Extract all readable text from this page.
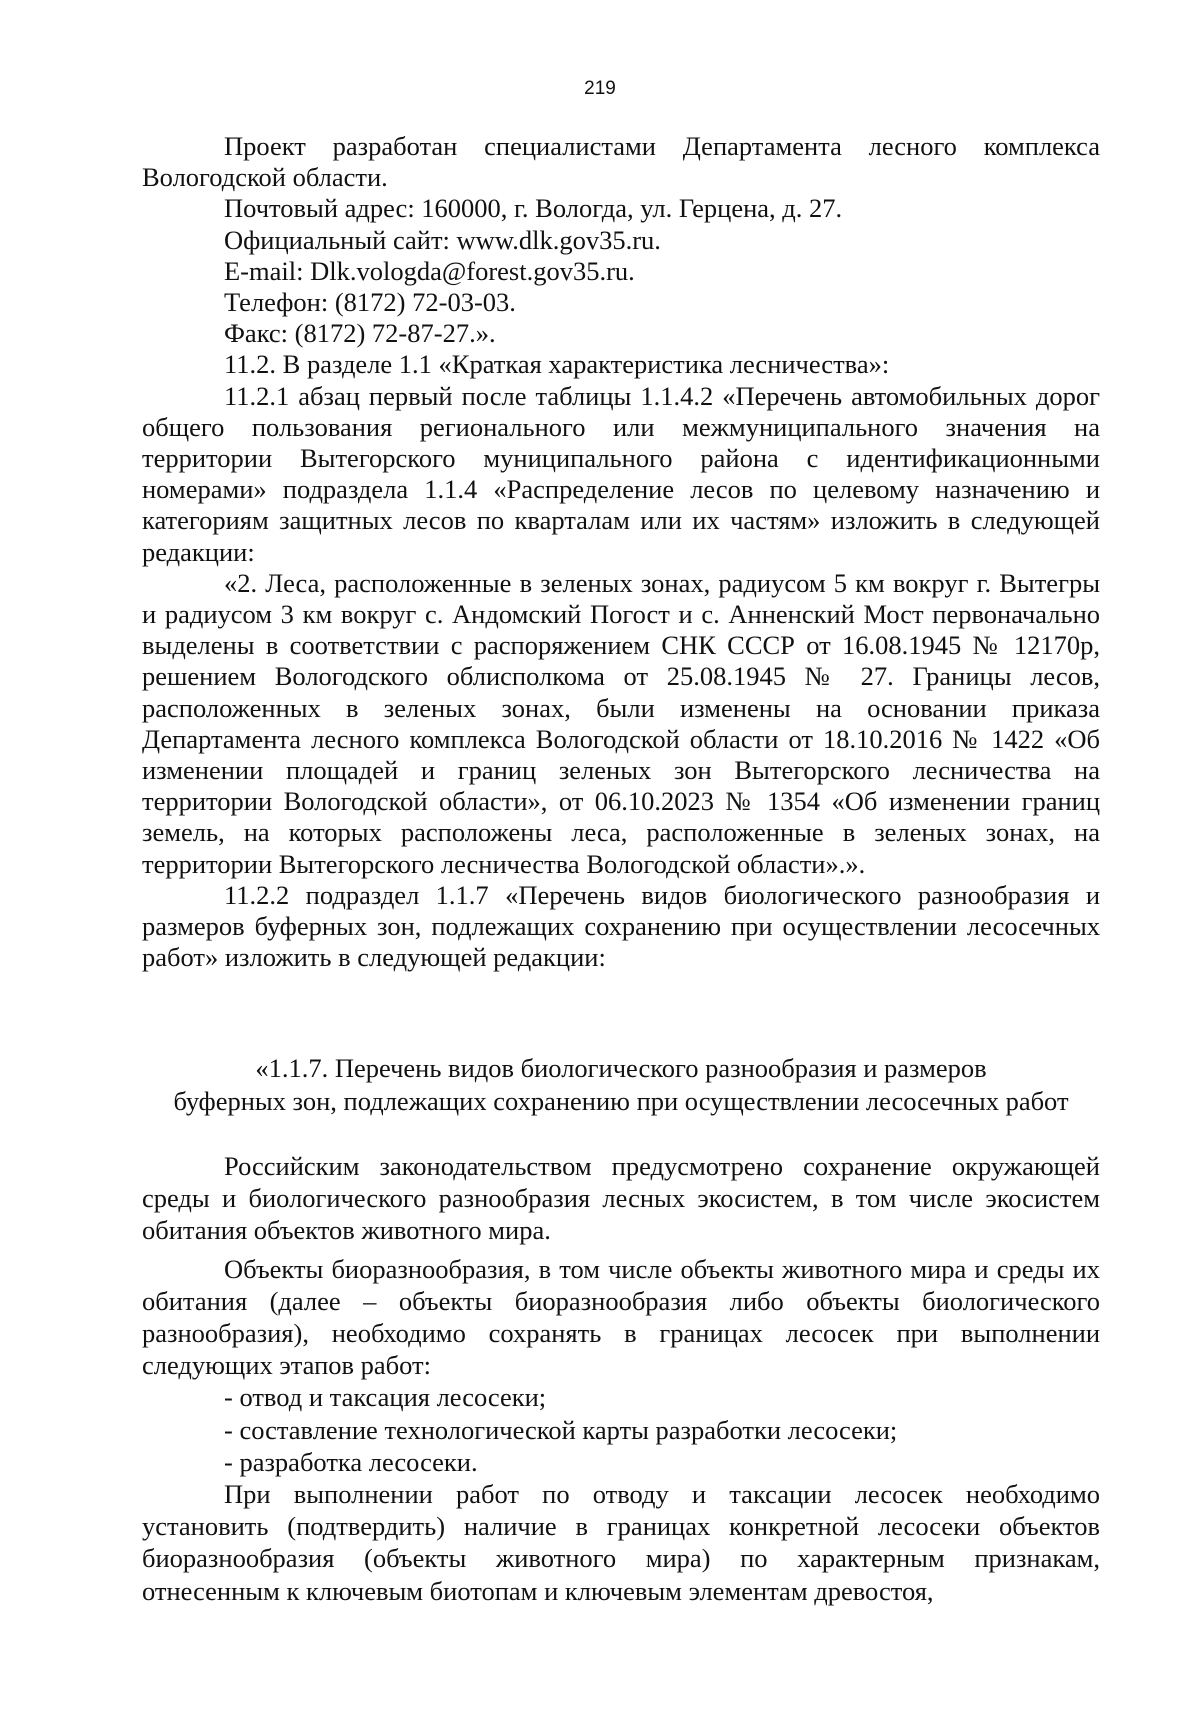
219

Проект разработан специалистами Департамента лесного комплекса Вологодской области.

Почтовый адрес: 160000, г. Вологда, ул. Герцена, д. 27.

Официальный сайт: www.dlk.gov35.ru.

E-mail: Dlk.vologda@forest.gov35.ru.

Телефон: (8172) 72-03-03.

Факс: (8172) 72-87-27.».

11.2. В разделе 1.1 «Краткая характеристика лесничества»:

11.2.1 абзац первый после таблицы 1.1.4.2 «Перечень автомобильных дорог общего пользования регионального или межмуниципального значения на территории Вытегорского муниципального района с идентификационными номерами» подраздела 1.1.4 «Распределение лесов по целевому назначению и категориям защитных лесов по кварталам или их частям» изложить в следующей редакции:

«2. Леса, расположенные в зеленых зонах, радиусом 5 км вокруг г. Вытегры и радиусом 3 км вокруг с. Андомский Погост и с. Анненский Мост первоначально выделены в соответствии с распоряжением СНК СССР от 16.08.1945 № 12170р, решением Вологодского облисполкома от 25.08.1945 № 27. Границы лесов, расположенных в зеленых зонах, были изменены на основании приказа Департамента лесного комплекса Вологодской области от 18.10.2016 № 1422 «Об изменении площадей и границ зеленых зон Вытегорского лесничества на территории Вологодской области», от 06.10.2023 № 1354 «Об изменении границ земель, на которых расположены леса, расположенные в зеленых зонах, на территории Вытегорского лесничества Вологодской области».».

11.2.2 подраздел 1.1.7 «Перечень видов биологического разнообразия и размеров буферных зон, подлежащих сохранению при осуществлении лесосечных работ» изложить в следующей редакции:

«1.1.7. Перечень видов биологического разнообразия и размеров
буферных зон, подлежащих сохранению при осуществлении лесосечных работ

Российским законодательством предусмотрено сохранение окружающей среды и биологического разнообразия лесных экосистем, в том числе экосистем обитания объектов животного мира.

Объекты биоразнообразия, в том числе объекты животного мира и среды их обитания (далее – объекты биоразнообразия либо объекты биологического разнообразия), необходимо сохранять в границах лесосек при выполнении следующих этапов работ:

- отвод и таксация лесосеки;

- составление технологической карты разработки лесосеки;

- разработка лесосеки.

При выполнении работ по отводу и таксации лесосек необходимо установить (подтвердить) наличие в границах конкретной лесосеки объектов биоразнообразия (объекты животного мира) по характерным признакам, отнесенным к ключевым биотопам и ключевым элементам древостоя,
